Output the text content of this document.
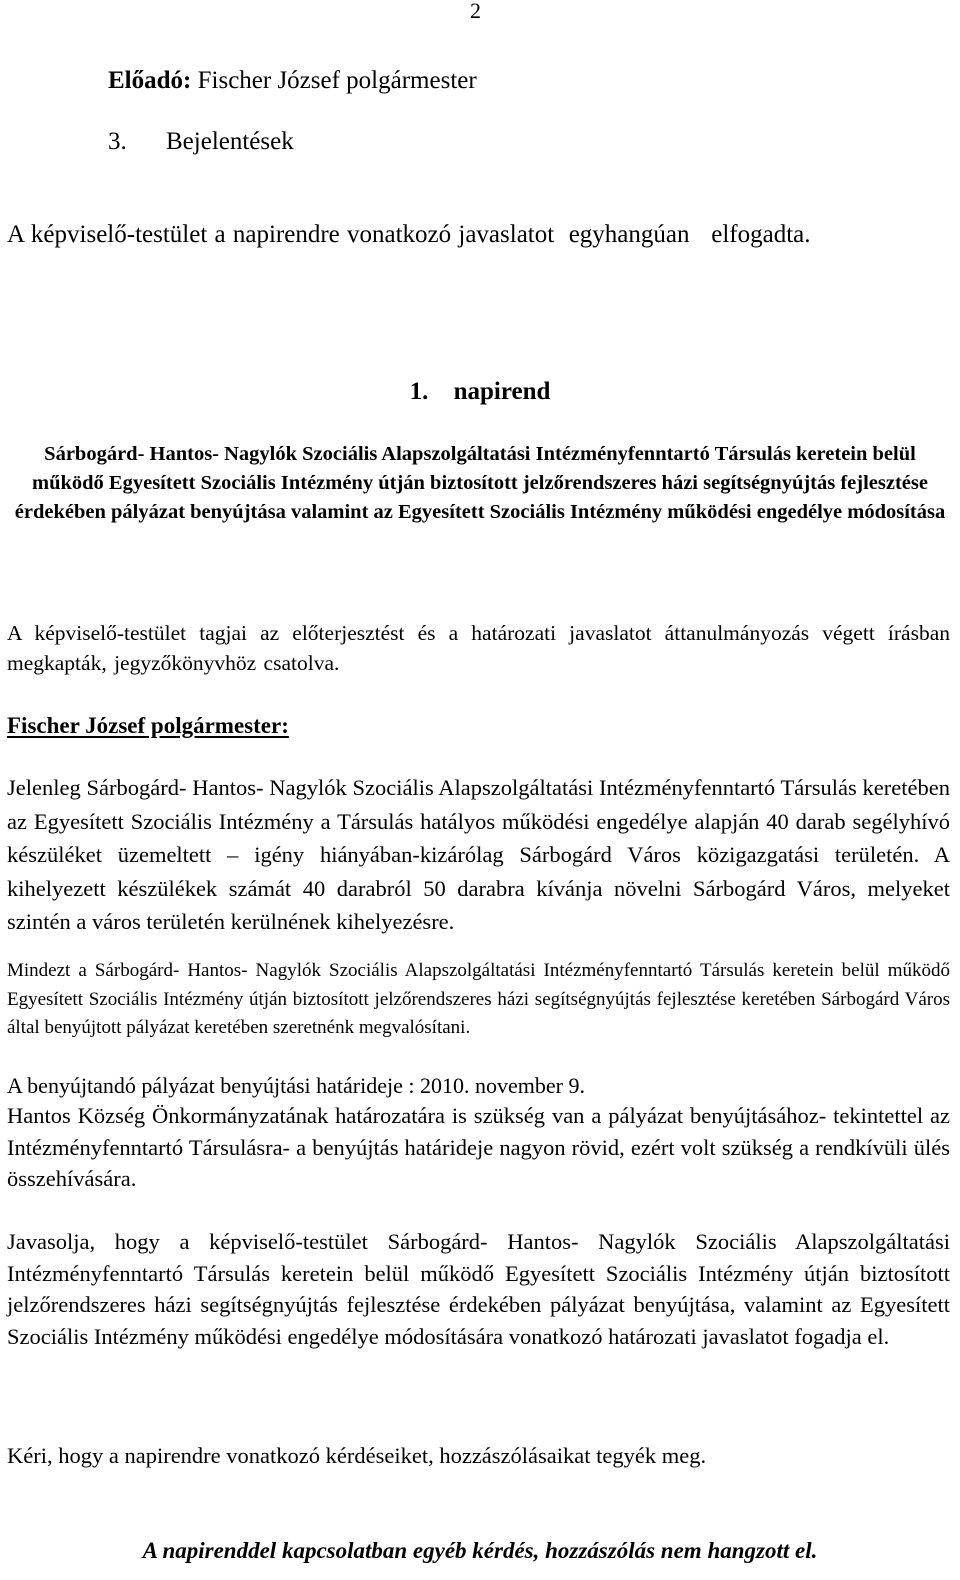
2
Előadó: Fischer József polgármester
3. Bejelentések
A képviselő-testület a napirendre vonatkozó javaslatot  egyhangúan   elfogadta.
1. napirend
Sárbogárd- Hantos- Nagylók Szociális Alapszolgáltatási Intézményfenntartó Társulás keretein belül működő Egyesített Szociális Intézmény útján biztosított jelzőrendszeres házi segítségnyújtás fejlesztése érdekében pályázat benyújtása valamint az Egyesített Szociális Intézmény működési engedélye módosítása
A képviselő-testület tagjai az előterjesztést és a határozati javaslatot áttanulmányozás végett írásban megkapták, jegyzőkönyvhöz csatolva.
Fischer József polgármester:
Jelenleg Sárbogárd- Hantos- Nagylók Szociális Alapszolgáltatási Intézményfenntartó Társulás keretében az Egyesített Szociális Intézmény a Társulás hatályos működési engedélye alapján 40 darab segélyhívó készüléket üzemeltett – igény hiányában-kizárólag Sárbogárd Város közigazgatási területén. A kihelyezett készülékek számát 40 darabról 50 darabra kívánja növelni Sárbogárd Város, melyeket szintén a város területén kerülnének kihelyezésre.
Mindezt a Sárbogárd- Hantos- Nagylók Szociális Alapszolgáltatási Intézményfenntartó Társulás keretein belül működő Egyesített Szociális Intézmény útján biztosított jelzőrendszeres házi segítségnyújtás fejlesztése keretében Sárbogárd Város által benyújtott pályázat keretében szeretnénk megvalósítani.
A benyújtandó pályázat benyújtási határideje : 2010. november 9.
Hantos Község Önkormányzatának határozatára is szükség van a pályázat benyújtásához- tekintettel az Intézményfenntartó Társulásra- a benyújtás határideje nagyon rövid, ezért volt szükség a rendkívüli ülés összehívására.
Javasolja, hogy a képviselő-testület Sárbogárd- Hantos- Nagylók Szociális Alapszolgáltatási Intézményfenntartó Társulás keretein belül működő Egyesített Szociális Intézmény útján biztosított jelzőrendszeres házi segítségnyújtás fejlesztése érdekében pályázat benyújtása, valamint az Egyesített Szociális Intézmény működési engedélye módosítására vonatkozó határozati javaslatot fogadja el.
Kéri, hogy a napirendre vonatkozó kérdéseiket, hozzászólásaikat tegyék meg.
A napirenddel kapcsolatban egyéb kérdés, hozzászólás nem hangzott el.
